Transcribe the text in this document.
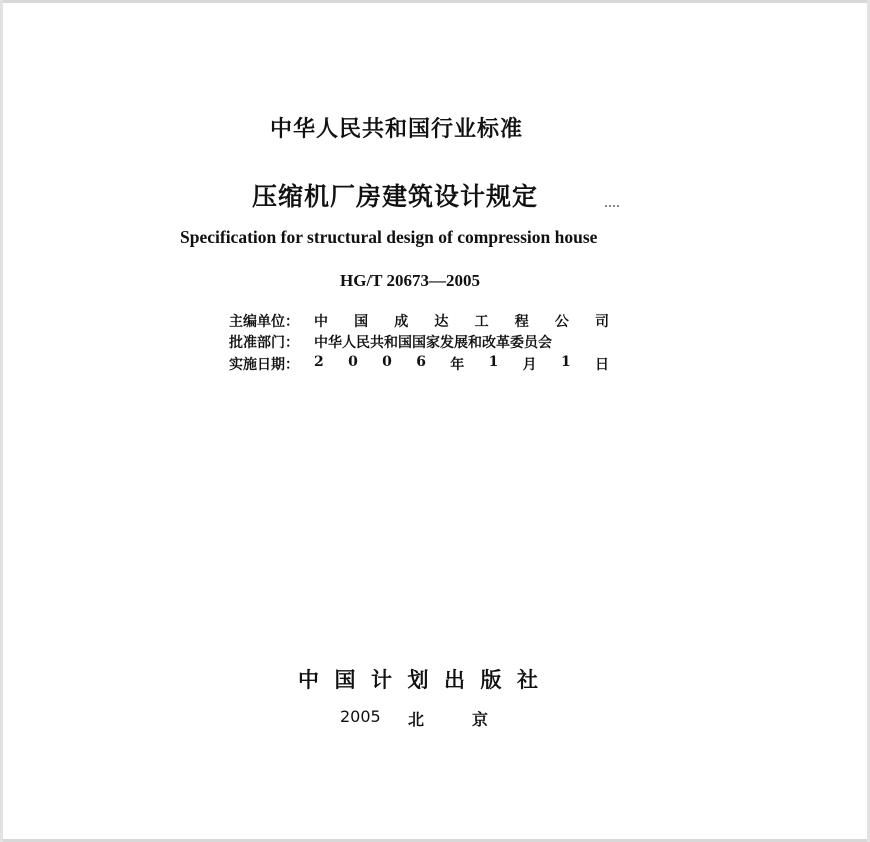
中华人民共和国行业标准
压缩机厂房建筑设计规定
Specification for structural design of compression house
HG/T 20673—2005
主编单位： 中 国 成 达 工 程 公 司
批准部门： 中华人民共和国国家发展和改革委员会
实施日期： 2 0 0 6 年 1 月 1 日
中 国 计 划 出 版 社
2005 北	京
